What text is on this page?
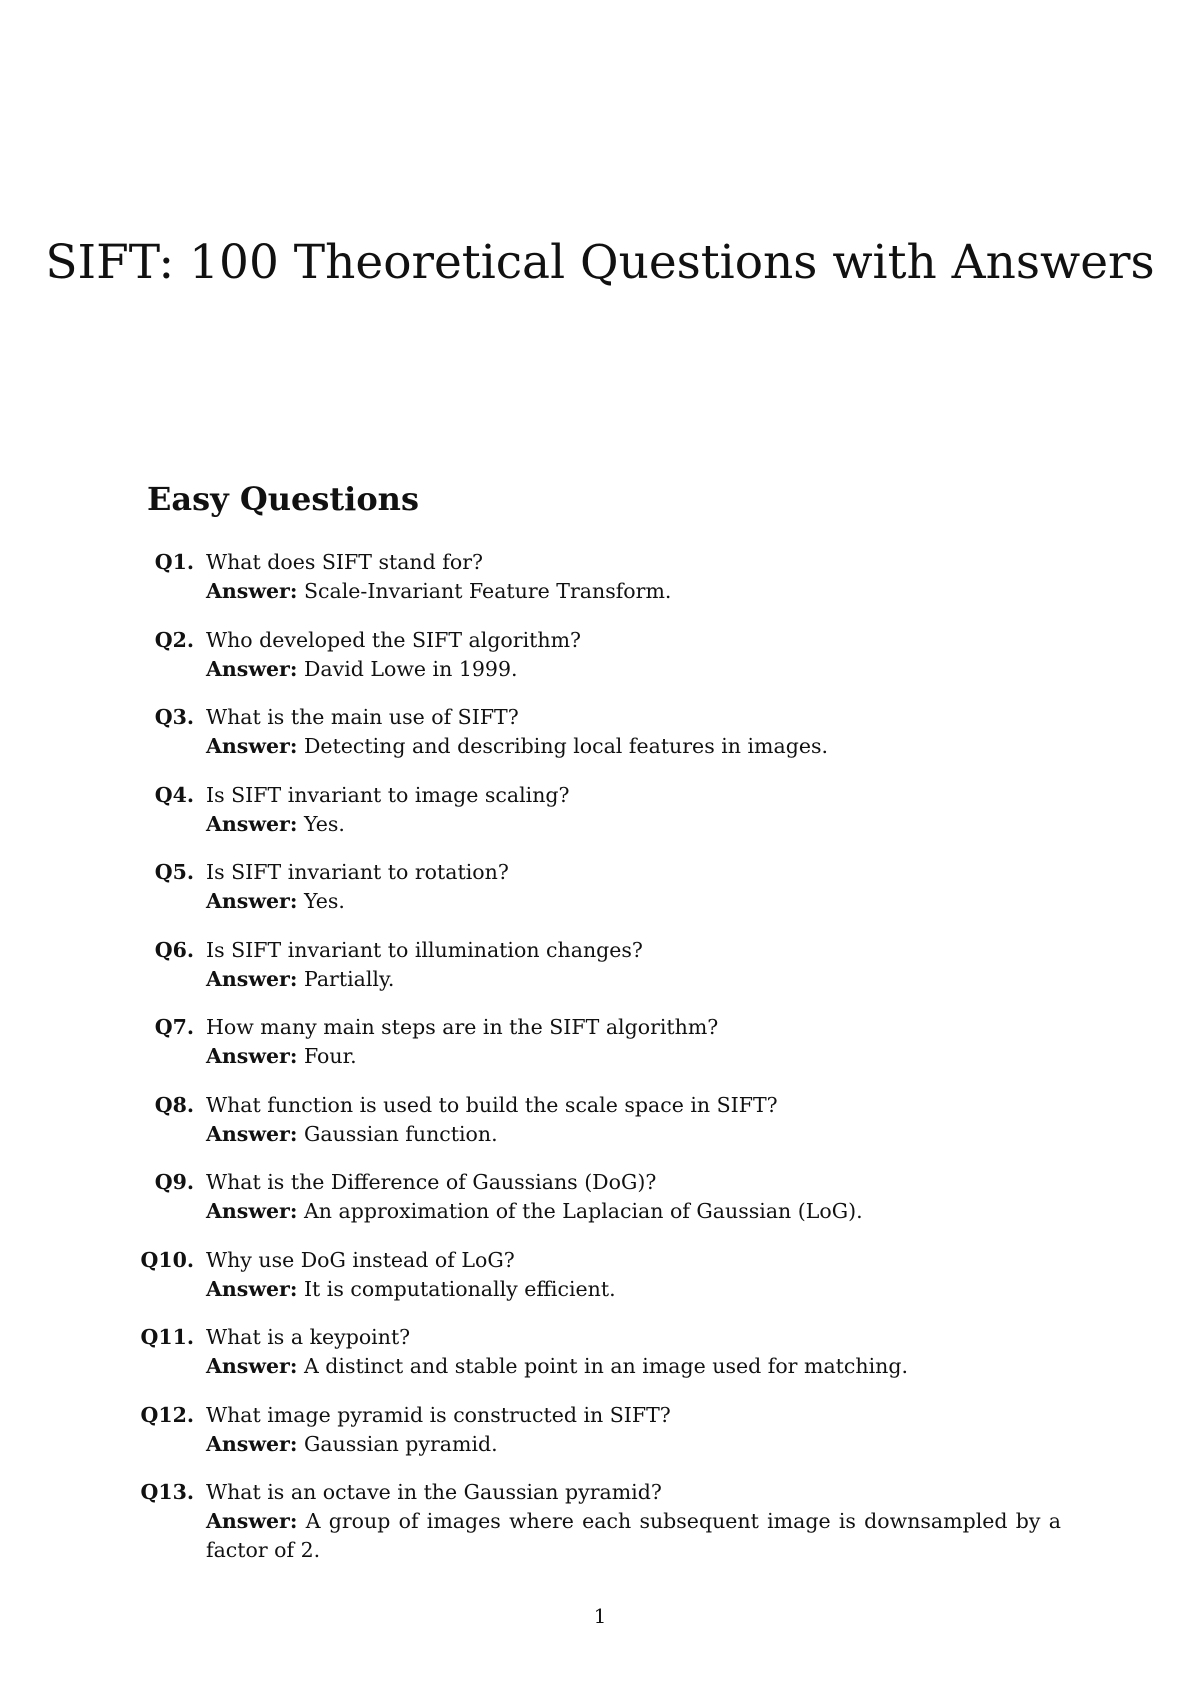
SIFT: 100 Theoretical Questions with Answers
Easy Questions
Q1. What does SIFT stand for?
Answer: Scale-Invariant Feature Transform.
Q2. Who developed the SIFT algorithm?
Answer: David Lowe in 1999.
Q3. What is the main use of SIFT?
Answer: Detecting and describing local features in images.
Q4. Is SIFT invariant to image scaling?
Answer: Yes.
Q5. Is SIFT invariant to rotation?
Answer: Yes.
Q6. Is SIFT invariant to illumination changes?
Answer: Partially.
Q7. How many main steps are in the SIFT algorithm?
Answer: Four.
Q8. What function is used to build the scale space in SIFT?
Answer: Gaussian function.
Q9. What is the Difference of Gaussians (DoG)?
Answer: An approximation of the Laplacian of Gaussian (LoG).
Q10. Why use DoG instead of LoG?
Answer: It is computationally efficient.
Q11. What is a keypoint?
Answer: A distinct and stable point in an image used for matching.
Q12. What image pyramid is constructed in SIFT?
Answer: Gaussian pyramid.
Q13. What is an octave in the Gaussian pyramid?
Answer: A group of images where each subsequent image is downsampled by a factor of 2.
1
